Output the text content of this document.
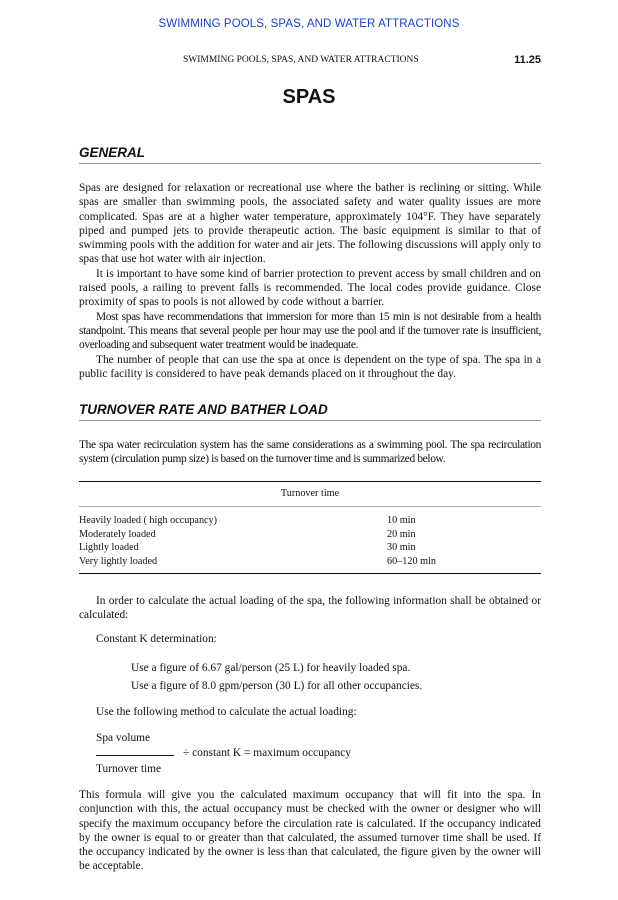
SWIMMING POOLS, SPAS, AND WATER ATTRACTIONS
SWIMMING POOLS, SPAS, AND WATER ATTRACTIONS	11.25
SPAS
GENERAL

Spas are designed for relaxation or recreational use where the bather is reclining or sitting. While spas are smaller than swimming pools, the associated safety and water quality issues are more complicated. Spas are at a higher water temperature, approximately 104°F. They have separately piped and pumped jets to provide therapeutic action. The basic equipment is similar to that of swimming pools with the addition for water and air jets. The following discussions will apply only to spas that use hot water with air injection.

It is important to have some kind of barrier protection to prevent access by small children and on raised pools, a railing to prevent falls is recommended. The local codes provide guidance. Close proximity of spas to pools is not allowed by code without a barrier.

Most spas have recommendations that immersion for more than 15 min is not desirable from a health standpoint. This means that several people per hour may use the pool and if the turnover rate is insufficient, overloading and subsequent water treatment would be inadequate.

The number of people that can use the spa at once is dependent on the type of spa. The spa in a public facility is considered to have peak demands placed on it throughout the day.

TURNOVER RATE AND BATHER LOAD

The spa water recirculation system has the same considerations as a swimming pool. The spa recirculation system (circulation pump size) is based on the turnover time and is summarized below.

Turnover time
Heavily loaded ( high occupancy)	10 min
Moderately loaded	20 min
Lightly loaded	30 min
Very lightly loaded	60–120 min

In order to calculate the actual loading of the spa, the following information shall be obtained or calculated:

Constant K determination:
Use a figure of 6.67 gal/person (25 L) for heavily loaded spa.
Use a figure of 8.0 gpm/person (30 L) for all other occupancies.
Use the following method to calculate the actual loading:
Spa volume
÷ constant K = maximum occupancy
Turnover time

This formula will give you the calculated maximum occupancy that will fit into the spa. In conjunction with this, the actual occupancy must be checked with the owner or designer who will specify the maximum occupancy before the circulation rate is calculated. If the occupancy indicated by the owner is equal to or greater than that calculated, the assumed turnover time shall be used. If the occupancy indicated by the owner is less than that calculated, the figure given by the owner will be acceptable.
